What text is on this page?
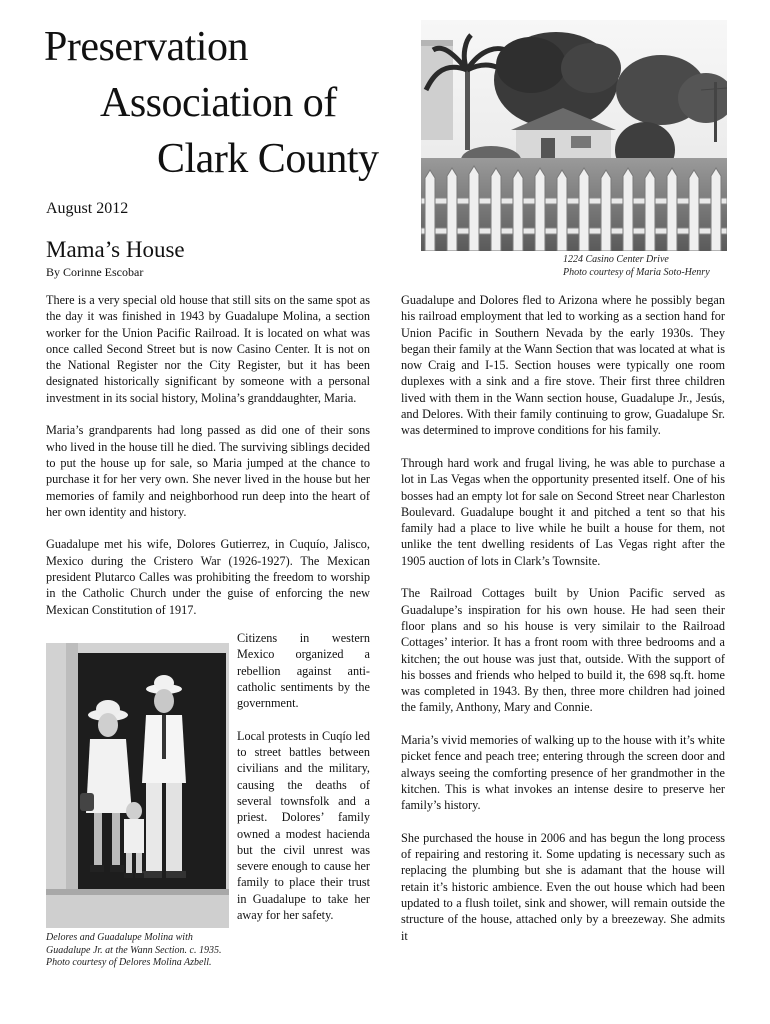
Preservation
Association of
Clark County
August 2012
Mama’s House
By Corinne Escobar
1224 Casino Center Drive
Photo courtesy of Maria Soto-Henry
Delores and Guadalupe Molina with Guadalupe Jr. at the Wann Section. c. 1935. Photo courtesy of Delores Molina Azbell.

There is a very special old house that still sits on the same spot as the day it was finished in 1943 by Guadalupe Molina, a section worker for the Union Pacific Railroad. It is located on what was once called Second Street but is now Casino Center. It is not on the National Register nor the City Register, but it has been designated historically significant by someone with a personal investment in its social history, Molina’s granddaughter, Maria.

Maria’s grandparents had long passed as did one of their sons who lived in the house till he died. The surviving siblings decided to put the house up for sale, so Maria jumped at the chance to purchase it for her very own. She never lived in the house but her memories of family and neighborhood run deep into the heart of her own identity and history.

Guadalupe met his wife, Dolores Gutierrez, in Cuquío, Jalisco, Mexico during the Cristero War (1926-1927). The Mexican president Plutarco Calles was prohibiting the freedom to worship in the Catholic Church under the guise of enforcing the new Mexican Constitution of 1917.

Citizens in western Mexico organized a rebellion against anti-catholic sentiments by the government.

Local protests in Cuqío led to street battles between civilians and the military, causing the deaths of several townsfolk and a priest. Dolores’ family owned a modest hacienda but the civil unrest was severe enough to cause her family to place their trust in Guadalupe to take her away for her safety.

Guadalupe and Dolores fled to Arizona where he possibly began his railroad employment that led to working as a section hand for Union Pacific in Southern Nevada by the early 1930s. They began their family at the Wann Section that was located at what is now Craig and I-15. Section houses were typically one room duplexes with a sink and a fire stove. Their first three children lived with them in the Wann section house, Guadalupe Jr., Jesús, and Delores. With their family continuing to grow, Guadalupe Sr. was determined to improve conditions for his family.

Through hard work and frugal living, he was able to purchase a lot in Las Vegas when the opportunity presented itself. One of his bosses had an empty lot for sale on Second Street near Charleston Boulevard. Guadalupe bought it and pitched a tent so that his family had a place to live while he built a house for them, not unlike the tent dwelling residents of Las Vegas right after the 1905 auction of lots in Clark’s Townsite.

The Railroad Cottages built by Union Pacific served as Guadalupe’s inspiration for his own house. He had seen their floor plans and so his house is very similair to the Railroad Cottages’ interior. It has a front room with three bedrooms and a kitchen; the out house was just that, outside. With the support of his bosses and friends who helped to build it, the 698 sq.ft. home was completed in 1943. By then, three more children had joined the family, Anthony, Mary and Connie.

Maria’s vivid memories of walking up to the house with it’s white picket fence and peach tree; entering through the screen door and always seeing the comforting presence of her grandmother in the kitchen. This is what invokes an intense desire to preserve her family’s history.

She purchased the house in 2006 and has begun the long process of repairing and restoring it. Some updating is necessary such as replacing the plumbing but she is adamant that the house will retain it’s historic ambience. Even the out house which had been updated to a flush toilet, sink and shower, will remain outside the structure of the house, attached only by a breezeway. She admits it
